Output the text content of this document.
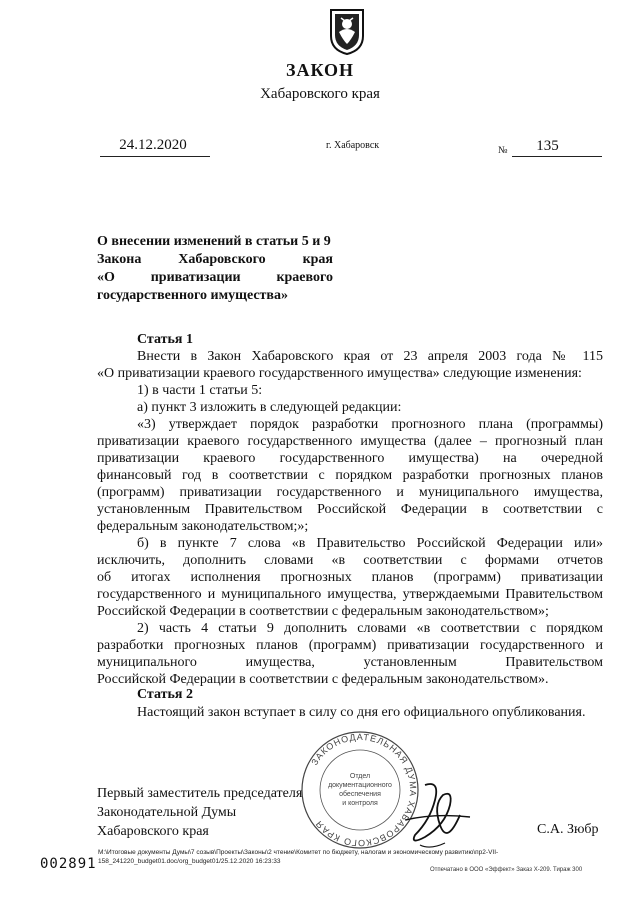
ЗАКОН
Хабаровского края
24.12.2020	г. Хабаровск	№	135

О внесении изменений в статьи 5 и 9

Закона Хабаровского края

«О приватизации краевого

государственного имущества»

Статья 1

Внести в Закон Хабаровского края от 23 апреля 2003 года № 115

«О приватизации краевого государственного имущества» следующие изменения:

1) в части 1 статьи 5:

а) пункт 3 изложить в следующей редакции:

«3) утверждает порядок разработки прогнозного плана (программы)

приватизации краевого государственного имущества (далее – прогнозный план

приватизации краевого государственного имущества) на очередной

финансовый год в соответствии с порядком разработки прогнозных планов

(программ) приватизации государственного и муниципального имущества,

установленным Правительством Российской Федерации в соответствии с

федеральным законодательством;»;

б) в пункте 7 слова «в Правительство Российской Федерации или»

исключить, дополнить словами «в соответствии с формами отчетов

об итогах исполнения прогнозных планов (программ) приватизации

государственного и муниципального имущества, утверждаемыми Правительством

Российской Федерации в соответствии с федеральным законодательством»;

2) часть 4 статьи 9 дополнить словами «в соответствии с порядком

разработки прогнозных планов (программ) приватизации государственного и

муниципального имущества, установленным Правительством

Российской Федерации в соответствии с федеральным законодательством».

Статья 2

Настоящий закон вступает в силу со дня его официального опубликования.

ЗАКОНОДАТЕЛЬНАЯ ДУМА ХАБАРОВСКОГО КРАЯ
Отдел
документационного
обеспечения
и контроля

Первый заместитель председателя

Законодательной Думы

Хабаровского края	С.А. Зюбр
002891
M:\Итоговые документы Думы\7 созыв\Проекты\Законы\2 чтение\Комитет по бюджету, налогам и экономическому развитию\пр2-VII-158_241220_budget01.doc/org_budget01/25.12.2020 16:23:33
Отпечатано в ООО «Эффект» Заказ Х-209. Тираж 300
